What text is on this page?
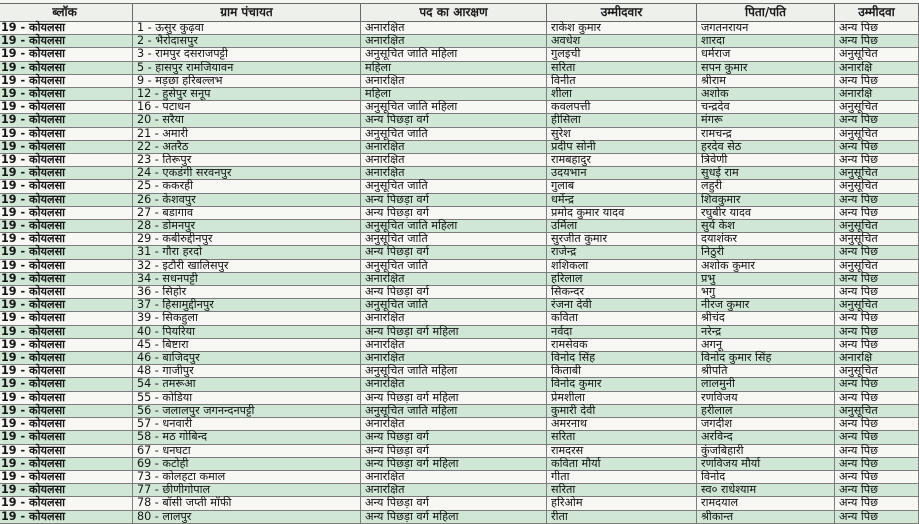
ब्लॉक	ग्राम पंचायत	पद का आरक्षण	उम्मीदवार	पिता/पति	उम्मीदवा
19 - कोयलसा	1 - ऊसुर कुढ़वा	अनारक्षित	राकेश कुमार	जगतनरायन	अन्य पिछ
19 - कोयलसा	2 - भैरोदासपुर	अनारक्षित	अवधेश	शारदा	अन्य पिछ
19 - कोयलसा	3 - रामपुर दसराजपट्टी	अनुसूचित जाति महिला	गुलइची	धर्मराज	अनुसूचित
19 - कोयलसा	5 - हासपुर रामजियावन	महिला	सरिता	सपन कुमार	अनारक्षि
19 - कोयलसा	9 - मड़छा हरिबल्लभ	अनारक्षित	विनीत	श्रीराम	अन्य पिछ
19 - कोयलसा	12 - हुसेपुर सनूप	महिला	शीला	अशोक	अनारक्षि
19 - कोयलसा	16 - पटाधन	अनुसूचित जाति महिला	कवलपत्ती	चन्द्रदेव	अनुसूचित
19 - कोयलसा	20 - सरैया	अन्य पिछड़ा वर्ग	हीसिला	मंगरू	अन्य पिछ
19 - कोयलसा	21 - अमारी	अनुसूचित जाति	सुरेश	रामचन्द्र	अनुसूचित
19 - कोयलसा	22 - अतरैठ	अनारक्षित	प्रदीप सोनी	हरदेव सेठ	अन्य पिछ
19 - कोयलसा	23 - तिरूपुर	अनारक्षित	रामबहादुर	त्रिवेणी	अन्य पिछ
19 - कोयलसा	24 - एकडंगी सरवनपुर	अनारक्षित	उदयभान	सुधई राम	अनुसूचित
19 - कोयलसा	25 - ककरही	अनुसूचित जाति	गुलाब	लहुरी	अनुसूचित
19 - कोयलसा	26 - केशवपुर	अन्य पिछड़ा वर्ग	धर्मेन्द्र	शिवकुमार	अन्य पिछ
19 - कोयलसा	27 - बडागाव	अन्य पिछड़ा वर्ग	प्रमोद कुमार यादव	रघुबीर यादव	अन्य पिछ
19 - कोयलसा	28 - डोमनपुर	अनुसूचित जाति महिला	उर्मिला	सुर्य केश	अनुसूचित
19 - कोयलसा	29 - कबीरुद्दीनपुर	अनुसूचित जाति	सुरजीत कुमार	दयाशंकर	अनुसूचित
19 - कोयलसा	31 - गौरा हरदो	अन्य पिछड़ा वर्ग	राजेन्द्र	निठुरी	अन्य पिछ
19 - कोयलसा	32 - इटौरी खालिसपुर	अनुसूचित जाति	शशिकला	अशोक कुमार	अनुसूचित
19 - कोयलसा	34 - सधनपट्टी	अनारक्षित	हरिलाल	प्रभु	अन्य पिछ
19 - कोयलसा	36 - सिहोर	अन्य पिछड़ा वर्ग	सिकन्दर	भगु	अन्य पिछ
19 - कोयलसा	37 - हिसामुद्दीनपुर	अनुसूचित जाति	रंजना देवी	नीरज कुमार	अनुसूचित
19 - कोयलसा	39 - सिकहुला	अनारक्षित	कविता	श्रीचंद	अन्य पिछ
19 - कोयलसा	40 - पियरिया	अन्य पिछड़ा वर्ग महिला	नर्वदा	नरेन्द्र	अन्य पिछ
19 - कोयलसा	45 - बिष्टारा	अनारक्षित	रामसेवक	अगनू	अन्य पिछ
19 - कोयलसा	46 - बाजिदपुर	अनारक्षित	विनोद सिंह	विनोद कुमार सिंह	अनारक्षि
19 - कोयलसा	48 - गाजीपुर	अनुसूचित जाति महिला	किताबी	श्रीपति	अनुसूचित
19 - कोयलसा	54 - तमरूआ	अनारक्षित	विनोद कुमार	लालमुनी	अन्य पिछ
19 - कोयलसा	55 - कोडिया	अन्य पिछड़ा वर्ग महिला	प्रेमशीला	रणविजय	अन्य पिछ
19 - कोयलसा	56 - जलालपुर जगनन्दनपट्टी	अनुसूचित जाति महिला	कुमारी देवी	हरीलाल	अनुसूचित
19 - कोयलसा	57 - धनवारी	अनारक्षित	अमरनाथ	जगदीश	अन्य पिछ
19 - कोयलसा	58 - मठ गोबिन्द	अन्य पिछड़ा वर्ग	सरिता	अरविन्द	अन्य पिछ
19 - कोयलसा	67 - धनघटा	अन्य पिछड़ा वर्ग	रामदरस	कुंजबिहारी	अन्य पिछ
19 - कोयलसा	69 - कटोही	अन्य पिछड़ा वर्ग महिला	कविता मौर्या	रणविजय मौर्या	अन्य पिछ
19 - कोयलसा	73 - कोलहटा कमाल	अनारक्षित	गीता	विनोद	अन्य पिछ
19 - कोयलसा	77 - छीणीगोपाल	अनारक्षित	सरिता	स्व० राधेश्याम	अन्य पिछ
19 - कोयलसा	78 - बॉसी जप्ती मॉफी	अन्य पिछड़ा वर्ग	हरिओम	रामदयाल	अन्य पिछ
19 - कोयलसा	80 - लालपुर	अन्य पिछड़ा वर्ग महिला	रीता	श्रीकान्त	अन्य पिछ
